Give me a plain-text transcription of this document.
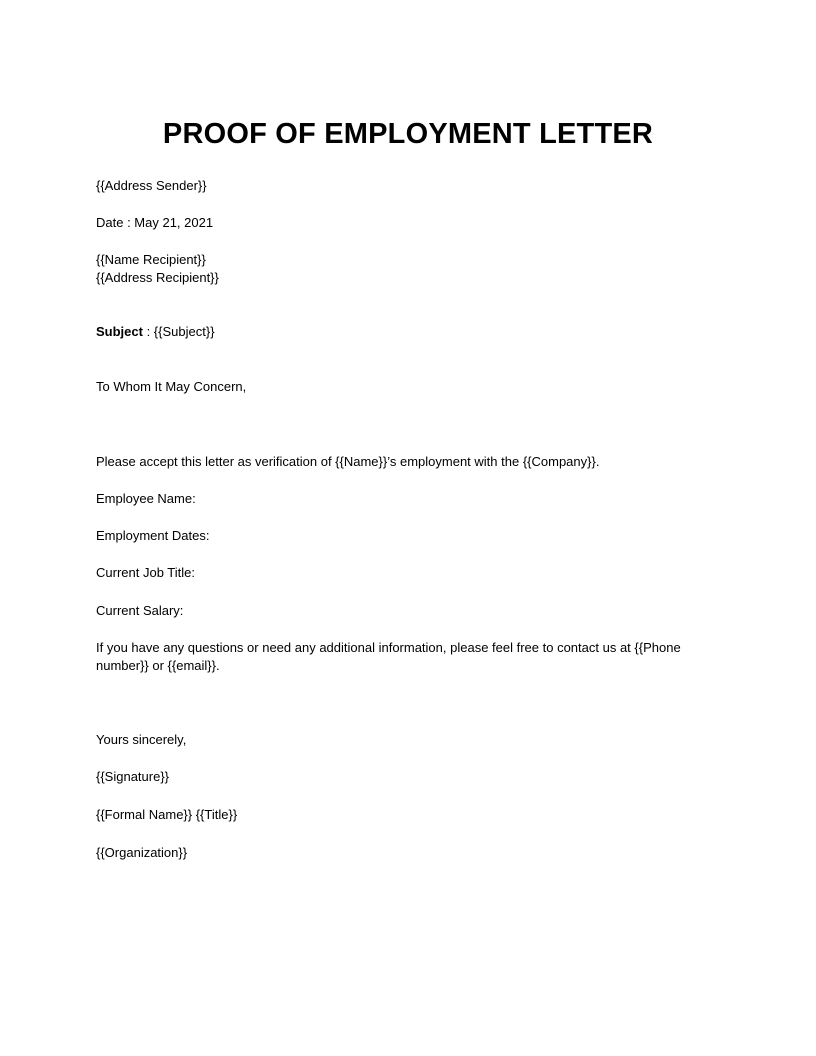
PROOF OF EMPLOYMENT LETTER
{{Address Sender}}
Date : May 21, 2021
{{Name Recipient}}
{{Address Recipient}}
Subject : {{Subject}}
To Whom It May Concern,
Please accept this letter as verification of {{Name}}’s employment with the {{Company}}.
Employee Name:
Employment Dates:
Current Job Title:
Current Salary:
If you have any questions or need any additional information, please feel free to contact us at {{Phone
number}} or {{email}}.
Yours sincerely,
{{Signature}}
{{Formal Name}} {{Title}}
{{Organization}}
